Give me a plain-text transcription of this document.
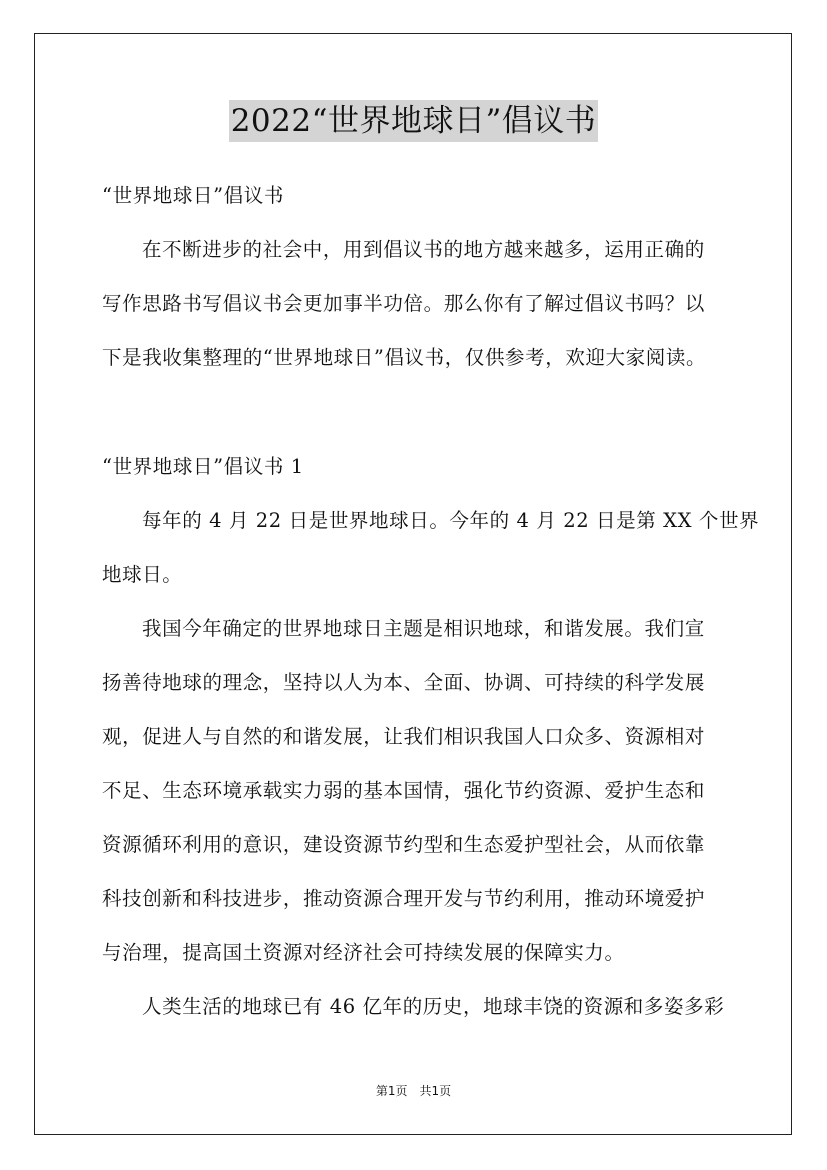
2022“世界地球日”倡议书
“世界地球日”倡议书
在不断进步的社会中，用到倡议书的地方越来越多，运用正确的
写作思路书写倡议书会更加事半功倍。那么你有了解过倡议书吗？以
下是我收集整理的“世界地球日”倡议书，仅供参考，欢迎大家阅读。
“世界地球日”倡议书 1
每年的 4 月 22 日是世界地球日。今年的 4 月 22 日是第 XX 个世界
地球日。
我国今年确定的世界地球日主题是相识地球，和谐发展。我们宣
扬善待地球的理念，坚持以人为本、全面、协调、可持续的科学发展
观，促进人与自然的和谐发展，让我们相识我国人口众多、资源相对
不足、生态环境承载实力弱的基本国情，强化节约资源、爱护生态和
资源循环利用的意识，建设资源节约型和生态爱护型社会，从而依靠
科技创新和科技进步，推动资源合理开发与节约利用，推动环境爱护
与治理，提高国土资源对经济社会可持续发展的保障实力。
人类生活的地球已有 46 亿年的历史，地球丰饶的资源和多姿多彩
第1页　共1页
